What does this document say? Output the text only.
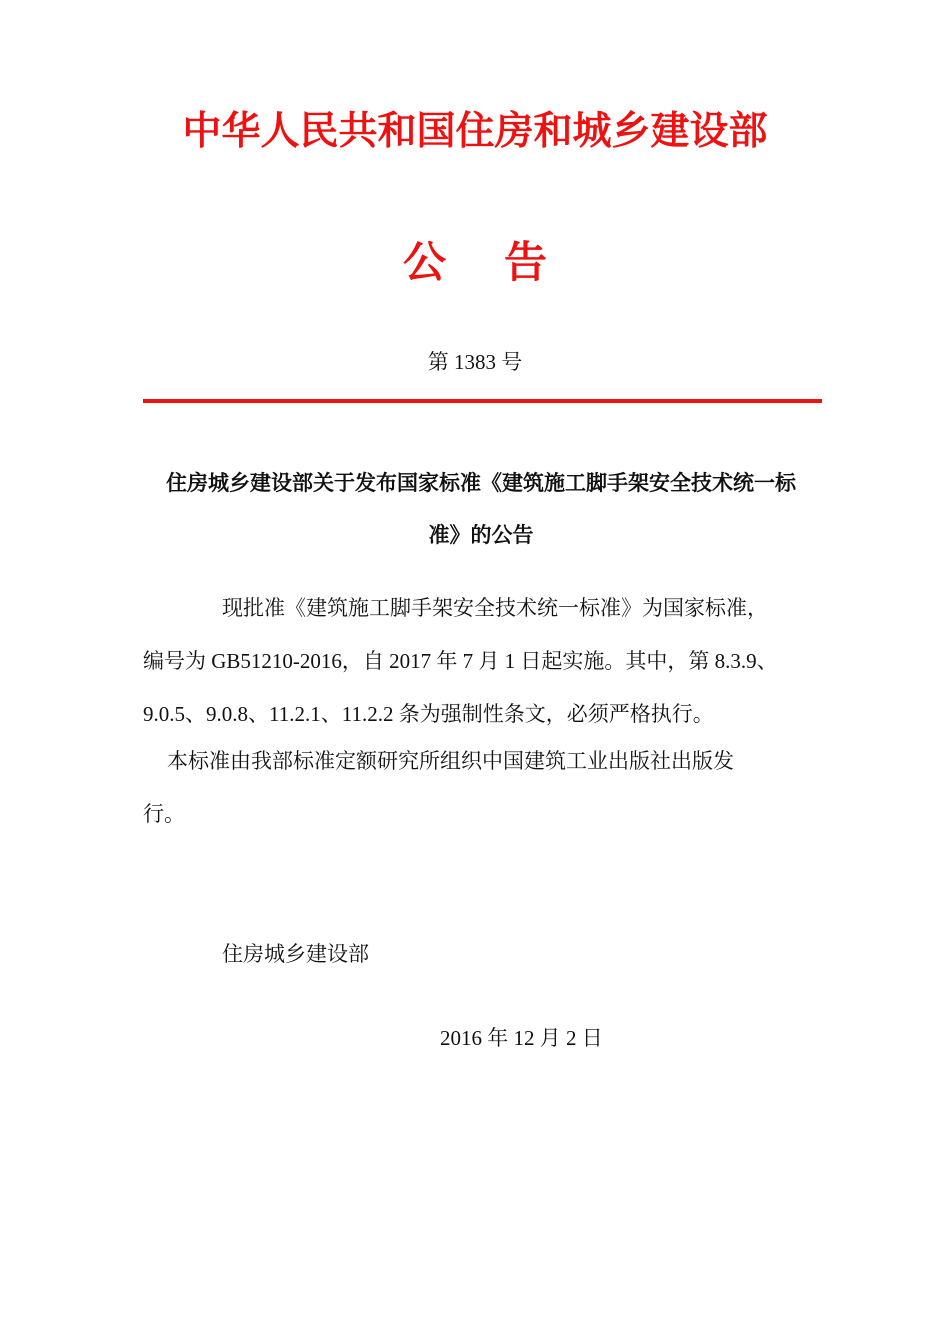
中华人民共和国住房和城乡建设部
公 告
第 1383 号
住房城乡建设部关于发布国家标准《建筑施工脚手架安全技术统一标
准》的公告
现批准《建筑施工脚手架安全技术统一标准》为国家标准，
编号为 GB51210-2016，自 2017 年 7 月 1 日起实施。其中，第 8.3.9、
9.0.5、9.0.8、11.2.1、11.2.2 条为强制性条文，必须严格执行。
本标准由我部标准定额研究所组织中国建筑工业出版社出版发
行。
住房城乡建设部
2016 年 12 月 2 日
